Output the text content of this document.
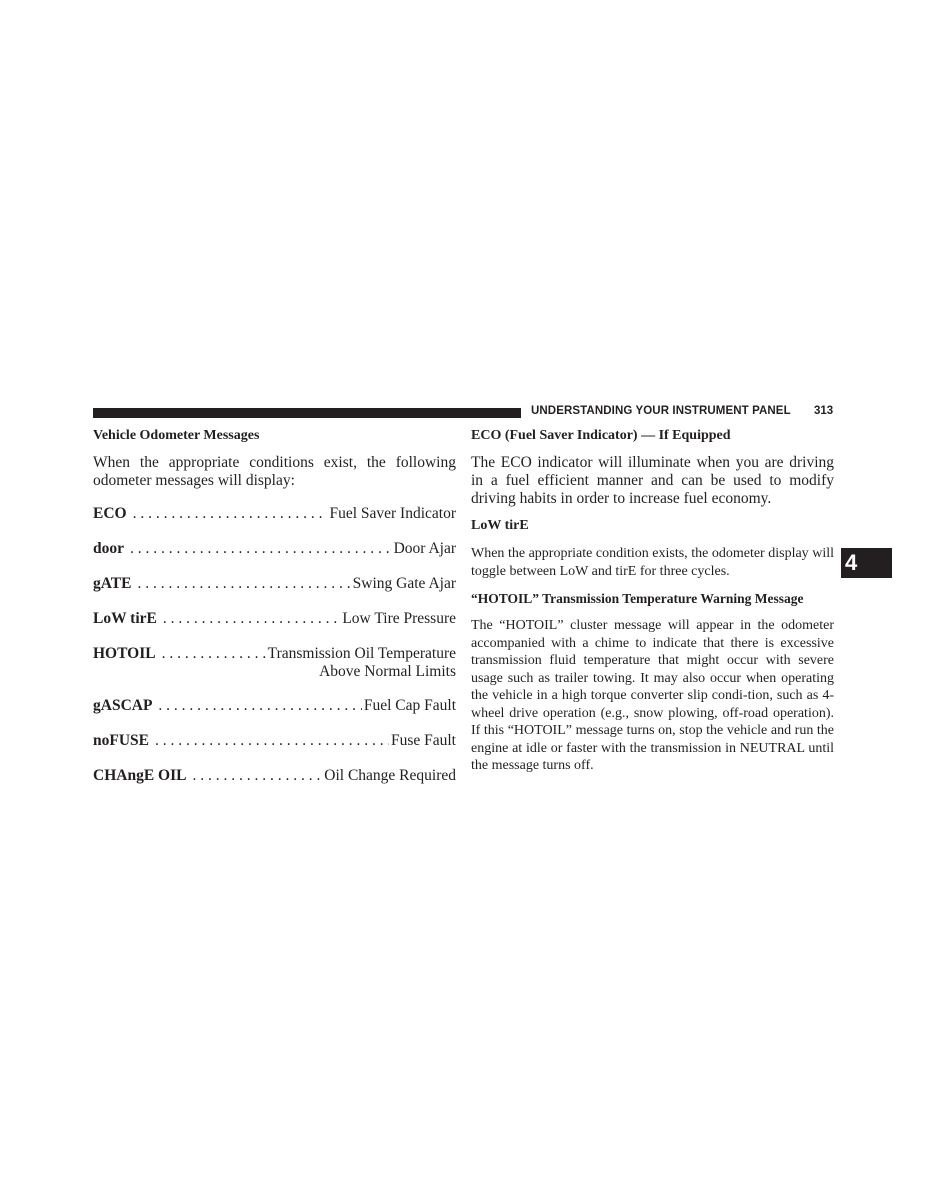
UNDERSTANDING YOUR INSTRUMENT PANEL 313
4

Vehicle Odometer Messages

When the appropriate conditions exist, the following odometer messages will display:

ECO . . .	Fuel Saver Indicator
door . . .	Door Ajar
gATE . . .	Swing Gate Ajar
LoW tirE . . .	Low Tire Pressure
HOTOIL . . .	Transmission Oil Temperature
Above Normal Limits
gASCAP . . .	Fuel Cap Fault
noFUSE . . .	Fuse Fault
CHAngE OIL . . .	Oil Change Required

ECO (Fuel Saver Indicator) — If Equipped

The ECO indicator will illuminate when you are driving in a fuel efficient manner and can be used to modify driving habits in order to increase fuel economy.

LoW tirE

When the appropriate condition exists, the odometer display will toggle between LoW and tirE for three cycles.

“HOTOIL” Transmission Temperature Warning Message

The “HOTOIL” cluster message will appear in the odometer accompanied with a chime to indicate that there is excessive transmission fluid temperature that might occur with severe usage such as trailer towing. It may also occur when operating the vehicle in a high torque converter slip condi-tion, such as 4-wheel drive operation (e.g., snow plowing, off-road operation). If this “HOTOIL” message turns on, stop the vehicle and run the engine at idle or faster with the transmission in NEUTRAL until the message turns off.
